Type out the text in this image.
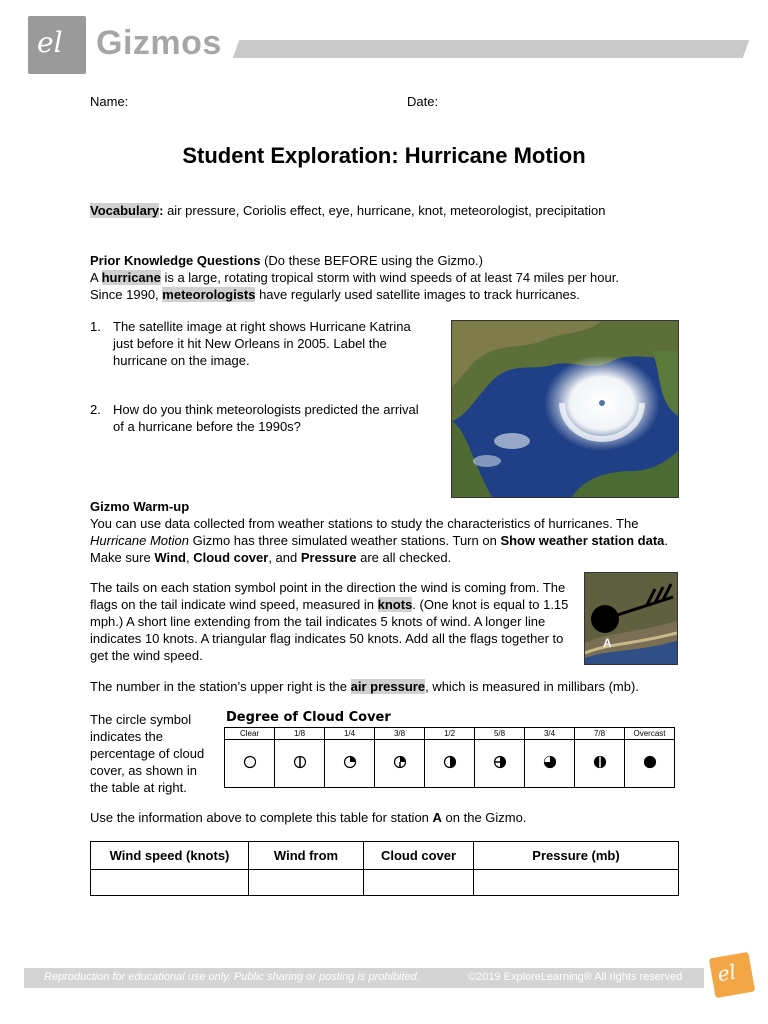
el Gizmos
Name:	Date:
Student Exploration: Hurricane Motion
Vocabulary: air pressure, Coriolis effect, eye, hurricane, knot, meteorologist, precipitation
Prior Knowledge Questions (Do these BEFORE using the Gizmo.)
A hurricane is a large, rotating tropical storm with wind speeds of at least 74 miles per hour.
Since 1990, meteorologists have regularly used satellite images to track hurricanes.
1. The satellite image at right shows Hurricane Katrina just before it hit New Orleans in 2005. Label the hurricane on the image.
2. How do you think meteorologists predicted the arrival of a hurricane before the 1990s?
Gizmo Warm-up
You can use data collected from weather stations to study the characteristics of hurricanes. The Hurricane Motion Gizmo has three simulated weather stations. Turn on Show weather station data. Make sure Wind, Cloud cover, and Pressure are all checked.
The tails on each station symbol point in the direction the wind is coming from. The flags on the tail indicate wind speed, measured in knots. (One knot is equal to 1.15 mph.) A short line extending from the tail indicates 5 knots of wind. A longer line indicates 10 knots. A triangular flag indicates 50 knots. Add all the flags together to get the wind speed.
A
The number in the station’s upper right is the air pressure, which is measured in millibars (mb).
The circle symbol indicates the percentage of cloud cover, as shown in the table at right.
Degree of Cloud Cover
Clear	1/8	1/4	3/8	1/2	5/8	3/4	7/8	Overcast

Use the information above to complete this table for station A on the Gizmo.
Wind speed (knots)	Wind from	Cloud cover	Pressure (mb)

Reproduction for educational use only. Public sharing or posting is prohibited.	©2019 ExploreLearning® All rights reserved el
